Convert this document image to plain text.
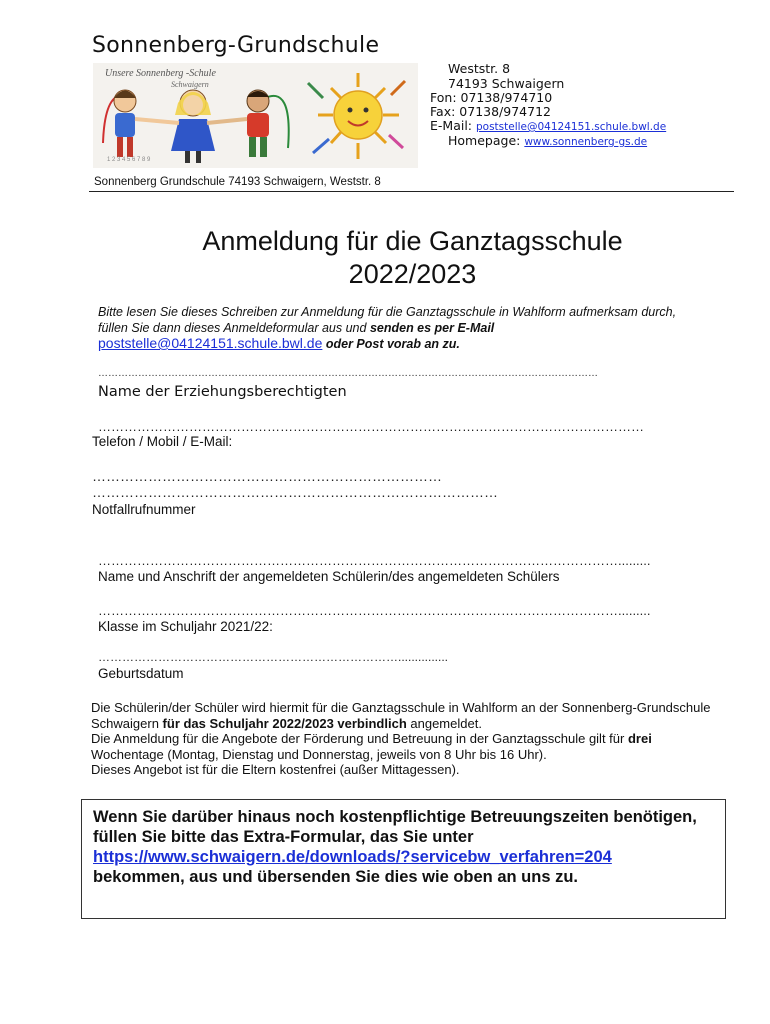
Sonnenberg-Grundschule
Unsere Sonnenberg -Schule
Schwaigern
1 2 3 4 5 6 7 8 9
Weststr. 8
74193 Schwaigern
Fon: 07138/974710
Fax: 07138/974712
E-Mail: poststelle@04124151.schule.bwl.de
Homepage: www.sonnenberg-gs.de
Sonnenberg Grundschule 74193 Schwaigern, Weststr. 8
Anmeldung für die Ganztagsschule
2022/2023
Bitte lesen Sie dieses Schreiben zur Anmeldung für die Ganztagsschule in Wahlform aufmerksam durch, füllen Sie dann dieses Anmeldeformular aus und senden es per E-Mail
poststelle@04124151.schule.bwl.de oder Post vorab an zu.
……………………………………………………………………………………………………………………………………
Name der Erziehungsberechtigten
………………………………………………………………………………………………………………
Telefon / Mobil / E-Mail:
…………………………………………………………………
……………………………………………………………………………
Notfallrufnummer
………………………………………………………………………………………………………….........
Name und Anschrift der angemeldeten Schülerin/des angemeldeten Schülers
………………………………………………………………………………………………………….........
Klasse im Schuljahr 2021/22:
…………………………………………………………………...............
Geburtsdatum
Die Schülerin/der Schüler wird hiermit für die Ganztagsschule in Wahlform an der Sonnenberg-Grundschule Schwaigern für das Schuljahr 2022/2023 verbindlich angemeldet.
Die Anmeldung für die Angebote der Förderung und Betreuung in der Ganztagsschule gilt für drei Wochentage (Montag, Dienstag und Donnerstag, jeweils von 8 Uhr bis 16 Uhr).
Dieses Angebot ist für die Eltern kostenfrei (außer Mittagessen).
Wenn Sie darüber hinaus noch kostenpflichtige Betreuungszeiten benötigen, füllen Sie bitte das Extra-Formular, das Sie unter
https://www.schwaigern.de/downloads/?servicebw_verfahren=204
bekommen, aus und übersenden Sie dies wie oben an uns zu.
